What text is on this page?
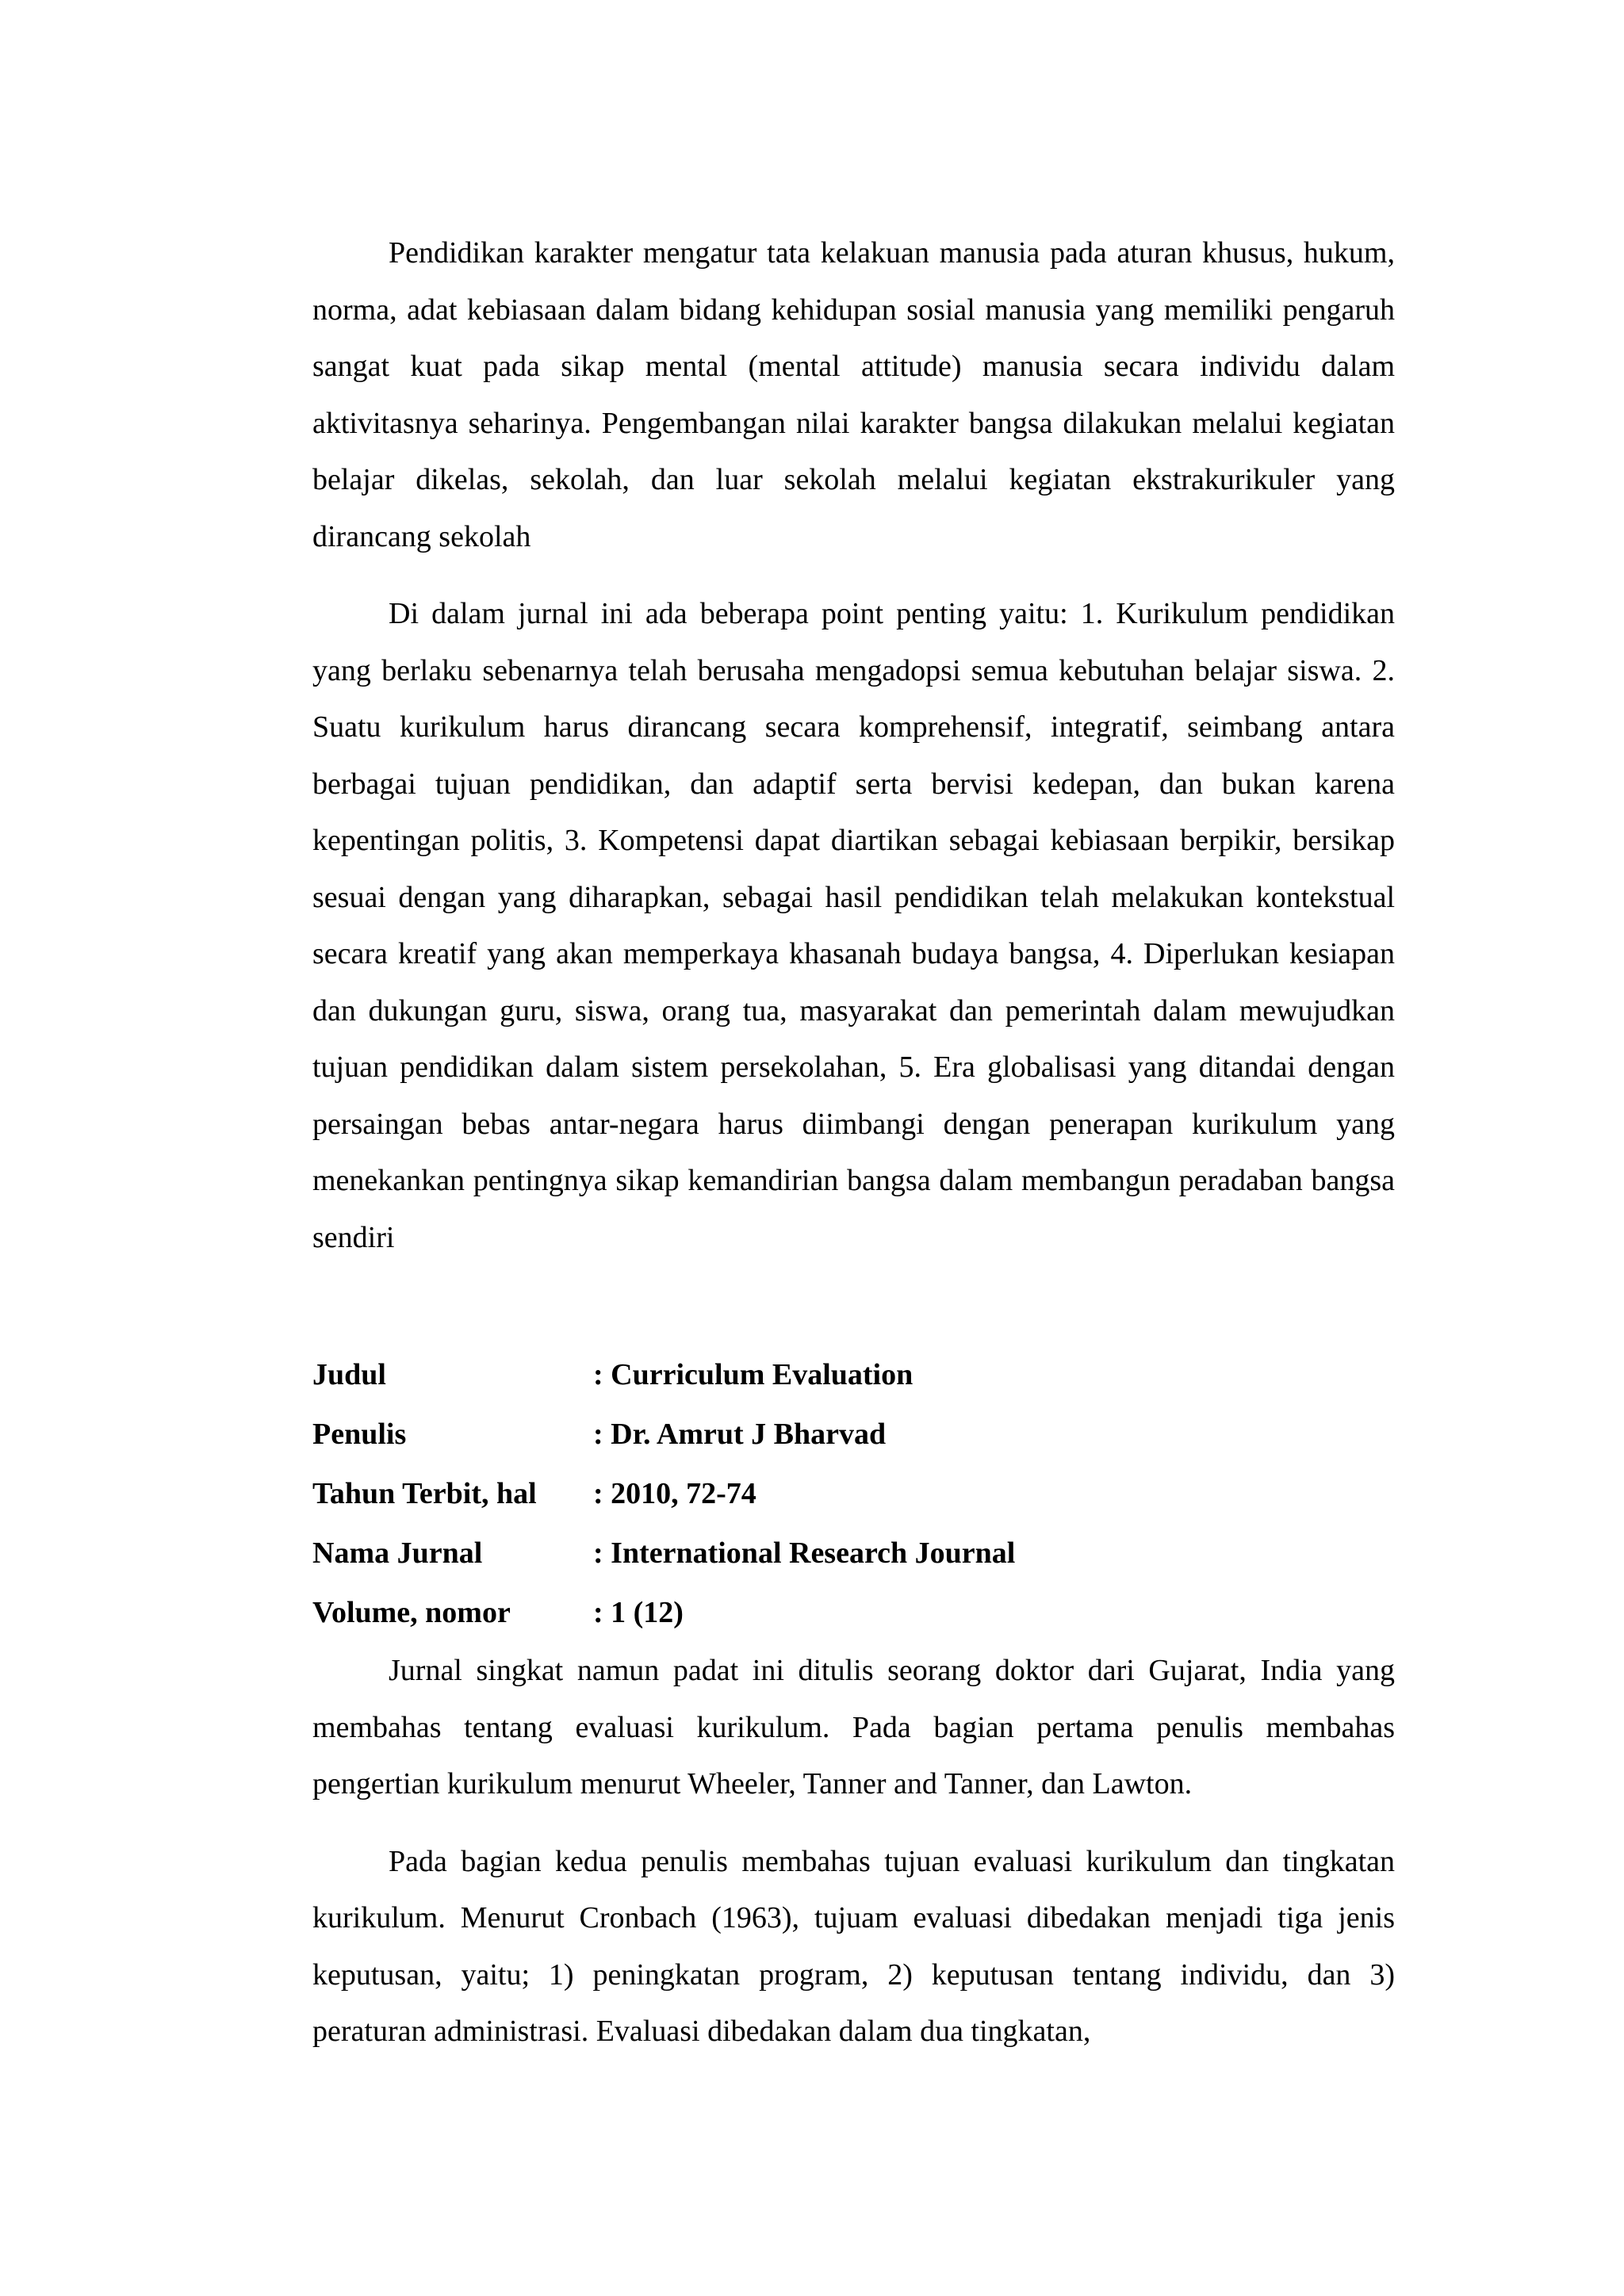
Pendidikan karakter mengatur tata kelakuan manusia pada aturan khusus, hukum, norma, adat kebiasaan dalam bidang kehidupan sosial manusia yang memiliki pengaruh sangat kuat pada sikap mental (mental attitude) manusia secara individu dalam aktivitasnya seharinya. Pengembangan nilai karakter bangsa dilakukan melalui kegiatan belajar dikelas, sekolah, dan luar sekolah melalui kegiatan ekstrakurikuler yang dirancang sekolah

Di dalam jurnal ini ada beberapa point penting yaitu: 1. Kurikulum pendidikan yang berlaku sebenarnya telah berusaha mengadopsi semua kebutuhan belajar siswa. 2. Suatu kurikulum harus dirancang secara komprehensif, integratif, seimbang antara berbagai tujuan pendidikan, dan adaptif serta bervisi kedepan, dan bukan karena kepentingan politis, 3. Kompetensi dapat diartikan sebagai kebiasaan berpikir, bersikap sesuai dengan yang diharapkan, sebagai hasil pendidikan telah melakukan kontekstual secara kreatif yang akan memperkaya khasanah budaya bangsa, 4. Diperlukan kesiapan dan dukungan guru, siswa, orang tua, masyarakat dan pemerintah dalam mewujudkan tujuan pendidikan dalam sistem persekolahan, 5. Era globalisasi yang ditandai dengan persaingan bebas antar-negara harus diimbangi dengan penerapan kurikulum yang menekankan pentingnya sikap kemandirian bangsa dalam membangun peradaban bangsa sendiri

Judul	: Curriculum Evaluation
Penulis	: Dr. Amrut J Bharvad
Tahun Terbit, hal	: 2010, 72-74
Nama Jurnal	: International Research Journal
Volume, nomor	: 1 (12)

Jurnal singkat namun padat ini ditulis seorang doktor dari Gujarat, India yang membahas tentang evaluasi kurikulum. Pada bagian pertama penulis membahas pengertian kurikulum menurut Wheeler, Tanner and Tanner, dan Lawton.

Pada bagian kedua penulis membahas tujuan evaluasi kurikulum dan tingkatan kurikulum. Menurut Cronbach (1963), tujuam evaluasi dibedakan menjadi tiga jenis keputusan, yaitu; 1) peningkatan program, 2) keputusan tentang individu, dan 3) peraturan administrasi. Evaluasi dibedakan dalam dua tingkatan,
